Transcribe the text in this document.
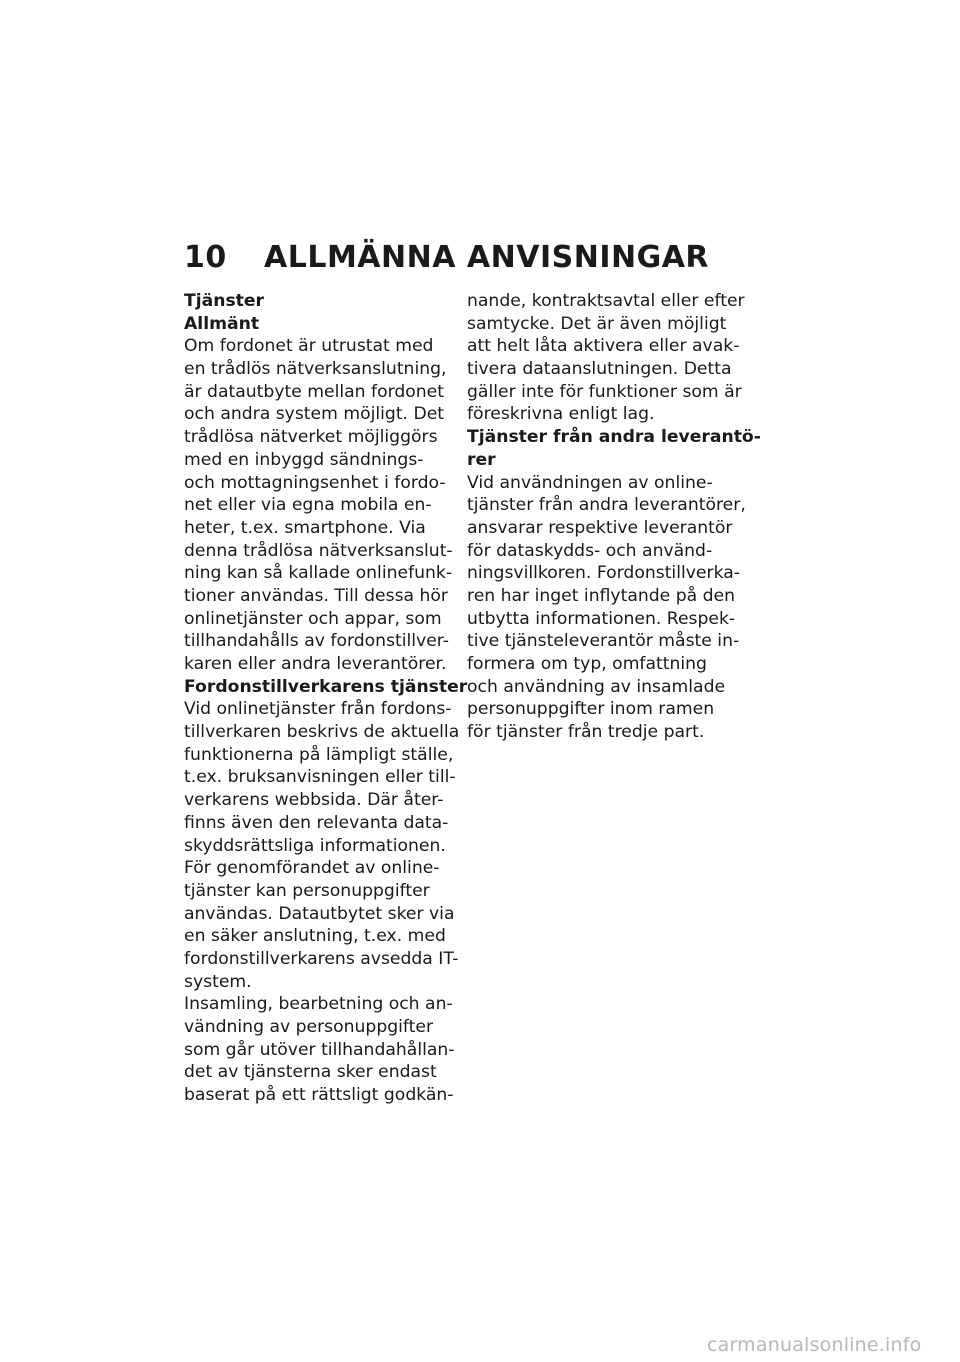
10 ALLMÄNNA ANVISNINGAR
Tjänster
Allmänt
Om fordonet är utrustat med
en trådlös nätverksanslutning,
är datautbyte mellan fordonet
och andra system möjligt. Det
trådlösa nätverket möjliggörs
med en inbyggd sändnings-
och mottagningsenhet i fordo-
net eller via egna mobila en-
heter, t.ex. smartphone. Via
denna trådlösa nätverksanslut-
ning kan så kallade onlinefunk-
tioner användas. Till dessa hör
onlinetjänster och appar, som
tillhandahålls av fordonstillver-
karen eller andra leverantörer.
Fordonstillverkarens tjänster
Vid onlinetjänster från fordons-
tillverkaren beskrivs de aktuella
funktionerna på lämpligt ställe,
t.ex. bruksanvisningen eller till-
verkarens webbsida. Där åter-
finns även den relevanta data-
skyddsrättsliga informationen.
För genomförandet av online-
tjänster kan personuppgifter
användas. Datautbytet sker via
en säker anslutning, t.ex. med
fordonstillverkarens avsedda IT-
system.
Insamling, bearbetning och an-
vändning av personuppgifter
som går utöver tillhandahållan-
det av tjänsterna sker endast
baserat på ett rättsligt godkän-
nande, kontraktsavtal eller efter
samtycke. Det är även möjligt
att helt låta aktivera eller avak-
tivera dataanslutningen. Detta
gäller inte för funktioner som är
föreskrivna enligt lag.
Tjänster från andra leverantö-
rer
Vid användningen av online-
tjänster från andra leverantörer,
ansvarar respektive leverantör
för dataskydds- och använd-
ningsvillkoren. Fordonstillverka-
ren har inget inflytande på den
utbytta informationen. Respek-
tive tjänsteleverantör måste in-
formera om typ, omfattning
och användning av insamlade
personuppgifter inom ramen
för tjänster från tredje part.
carmanualsonline.info
